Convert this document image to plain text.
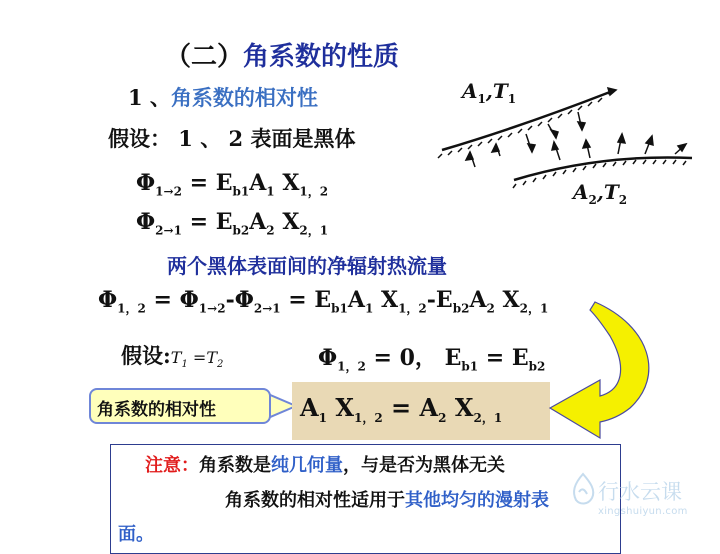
（二）角系数的性质
1 、角系数的相对性
假设： 1 、 2 表面是黑体
$\Phi_{1\to 2} = E_{b1}A_1$ $X_{1,2}$
$\Phi_{2\to 1} = E_{b2}A_2$ $X_{2,1}$
两个黑体表面间的净辐射热流量
$\Phi_{1,2} = \Phi_{1\to 2}-\Phi_{2\to 1} = E_{b1}A_1$ $X_{1,2}-E_{b2}A_2$ $X_{2,1}$
假设$:T_1 =T_2$	$\Phi_{1,2} = 0$， $E_{b1} = E_{b2}$
角系数的相对性	$A_1$ $X_{1,2} = A_2$ $X_{2,1}$
$A_1,T_1$
$A_2,T_2$
注意：角系数是纯几何量，与是否为黑体无关
角系数的相对性适用于其他均匀的漫射表
面。
行水云课
xingshuiyun.com
